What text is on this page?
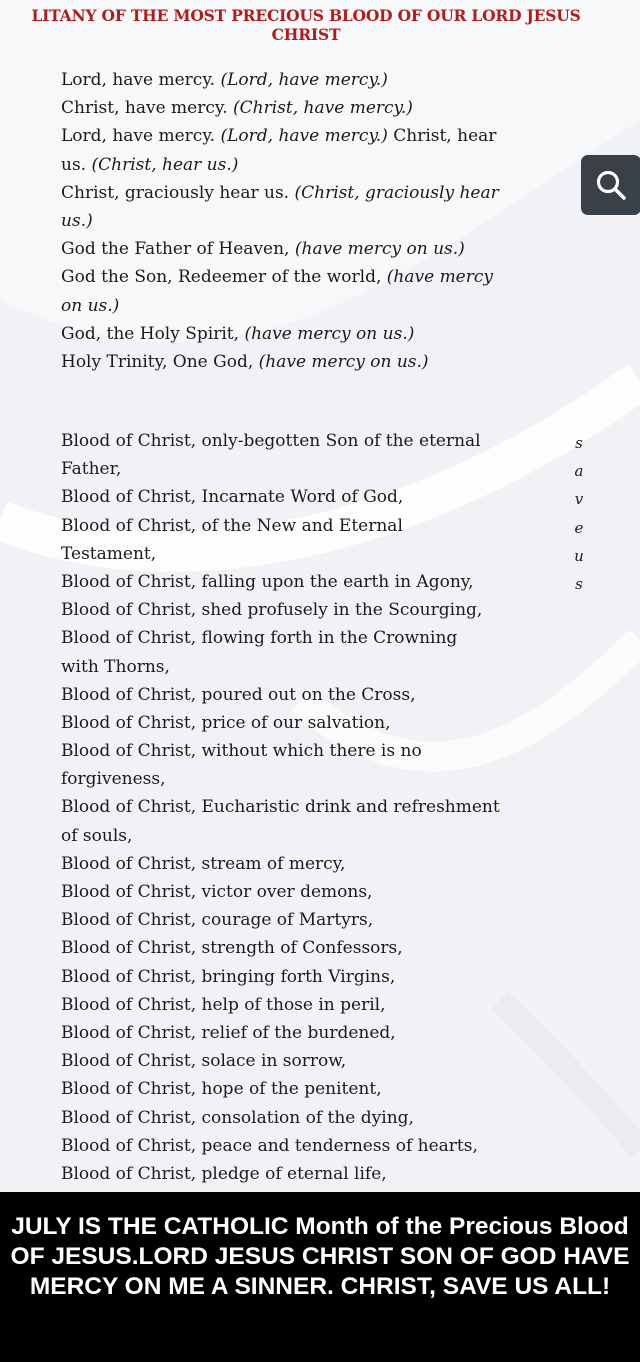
LITANY OF THE MOST PRECIOUS BLOOD OF OUR LORD JESUS CHRIST
Lord, have mercy. (Lord, have mercy.)
Christ, have mercy. (Christ, have mercy.)
Lord, have mercy. (Lord, have mercy.) Christ, hear
us. (Christ, hear us.)
Christ, graciously hear us. (Christ, graciously hear
us.)
God the Father of Heaven, (have mercy on us.)
God the Son, Redeemer of the world, (have mercy
on us.)
God, the Holy Spirit, (have mercy on us.)
Holy Trinity, One God, (have mercy on us.)
Blood of Christ, only-begotten Son of the eternal
Father,
Blood of Christ, Incarnate Word of God,
Blood of Christ, of the New and Eternal
Testament,
Blood of Christ, falling upon the earth in Agony,
Blood of Christ, shed profusely in the Scourging,
Blood of Christ, flowing forth in the Crowning
with Thorns,
Blood of Christ, poured out on the Cross,
Blood of Christ, price of our salvation,
Blood of Christ, without which there is no
forgiveness,
Blood of Christ, Eucharistic drink and refreshment
of souls,
Blood of Christ, stream of mercy,
Blood of Christ, victor over demons,
Blood of Christ, courage of Martyrs,
Blood of Christ, strength of Confessors,
Blood of Christ, bringing forth Virgins,
Blood of Christ, help of those in peril,
Blood of Christ, relief of the burdened,
Blood of Christ, solace in sorrow,
Blood of Christ, hope of the penitent,
Blood of Christ, consolation of the dying,
Blood of Christ, peace and tenderness of hearts,
Blood of Christ, pledge of eternal life,
s
a
v
e
u
s
JULY IS THE CATHOLIC Month of the Precious Blood OF JESUS.LORD JESUS CHRIST SON OF GOD HAVE MERCY ON ME A SINNER. CHRIST, SAVE US ALL!
